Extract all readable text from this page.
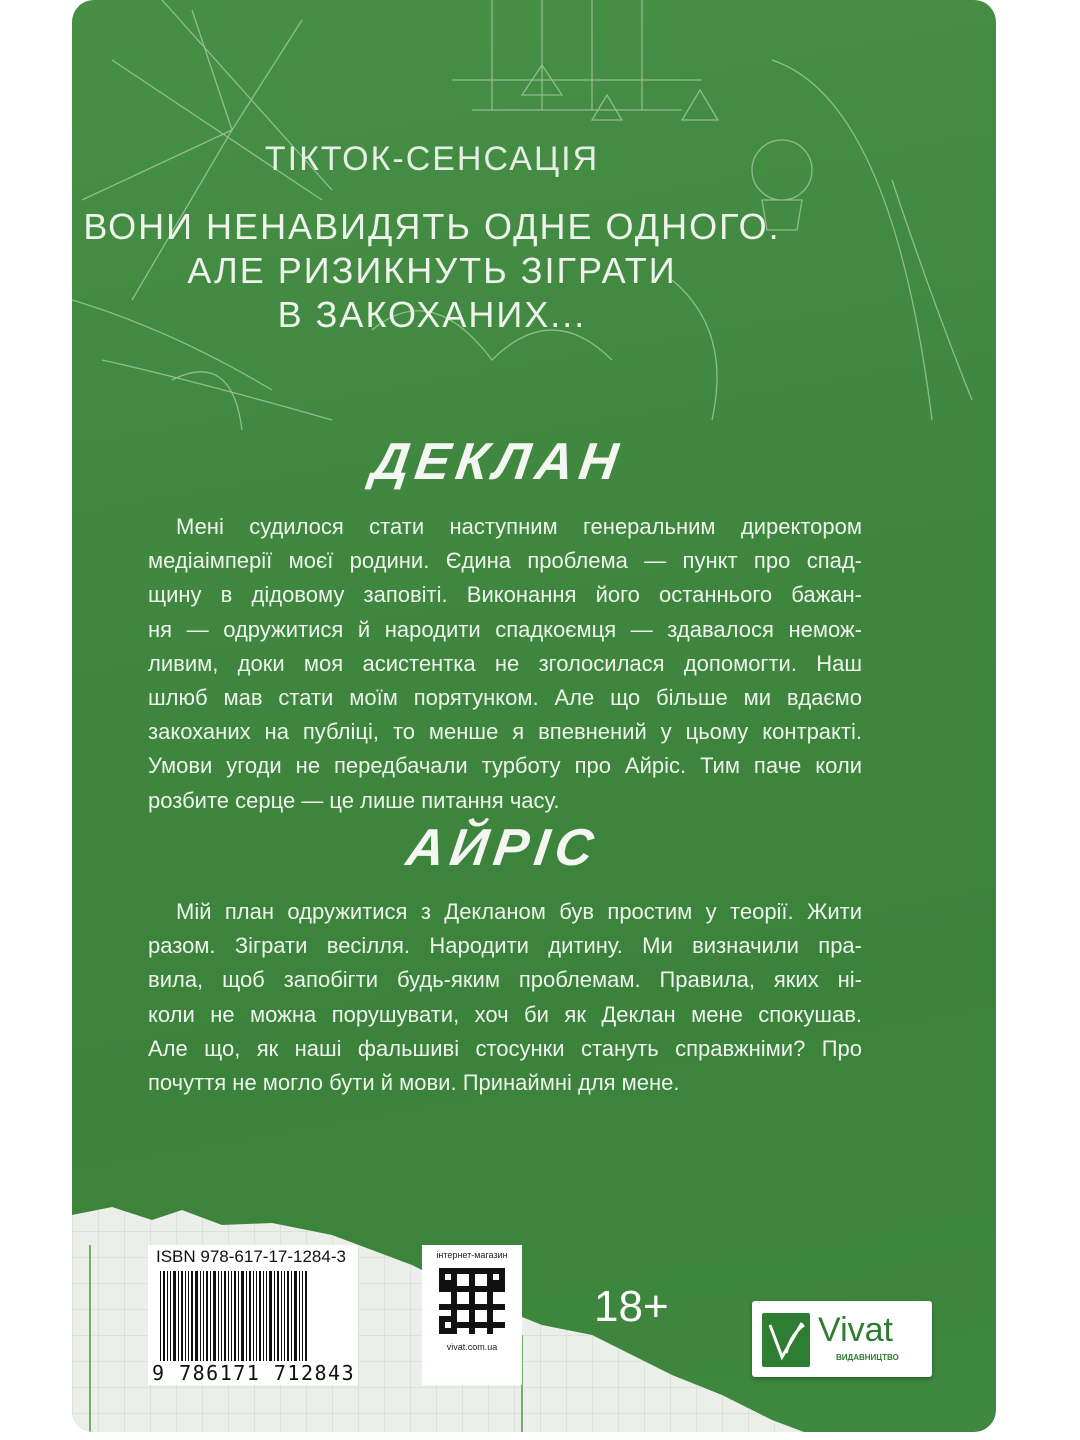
ТІКТОК-СЕНСАЦІЯ
ВОНИ НЕНАВИДЯТЬ ОДНЕ ОДНОГО.
АЛЕ РИЗИКНУТЬ ЗІГРАТИ
В ЗАКОХАНИХ...
ДЕКЛАН
Мені судилося стати наступним генеральним директором
медіаімперії моєї родини. Єдина проблема — пункт про спад-
щину в дідовому заповіті. Виконання його останнього бажан-
ня — одружитися й народити спадкоємця — здавалося немож-
ливим, доки моя асистентка не зголосилася допомогти. Наш
шлюб мав стати моїм порятунком. Але що більше ми вдаємо
закоханих на публіці, то менше я впевнений у цьому контракті.
Умови угоди не передбачали турботу про Айріс. Тим паче коли
розбите серце — це лише питання часу.
АЙРІС
Мій план одружитися з Декланом був простим у теорії. Жити
разом. Зіграти весілля. Народити дитину. Ми визначили пра-
вила, щоб запобігти будь-яким проблемам. Правила, яких ні-
коли не можна порушувати, хоч би як Деклан мене спокушав.
Але що, як наші фальшиві стосунки стануть справжніми? Про
почуття не могло бути й мови. Принаймні для мене.
ISBN 978-617-17-1284-3
9 786171 712843
інтернет-магазин
vivat.com.ua
18+	Vivat
ВИДАВНИЦТВО
